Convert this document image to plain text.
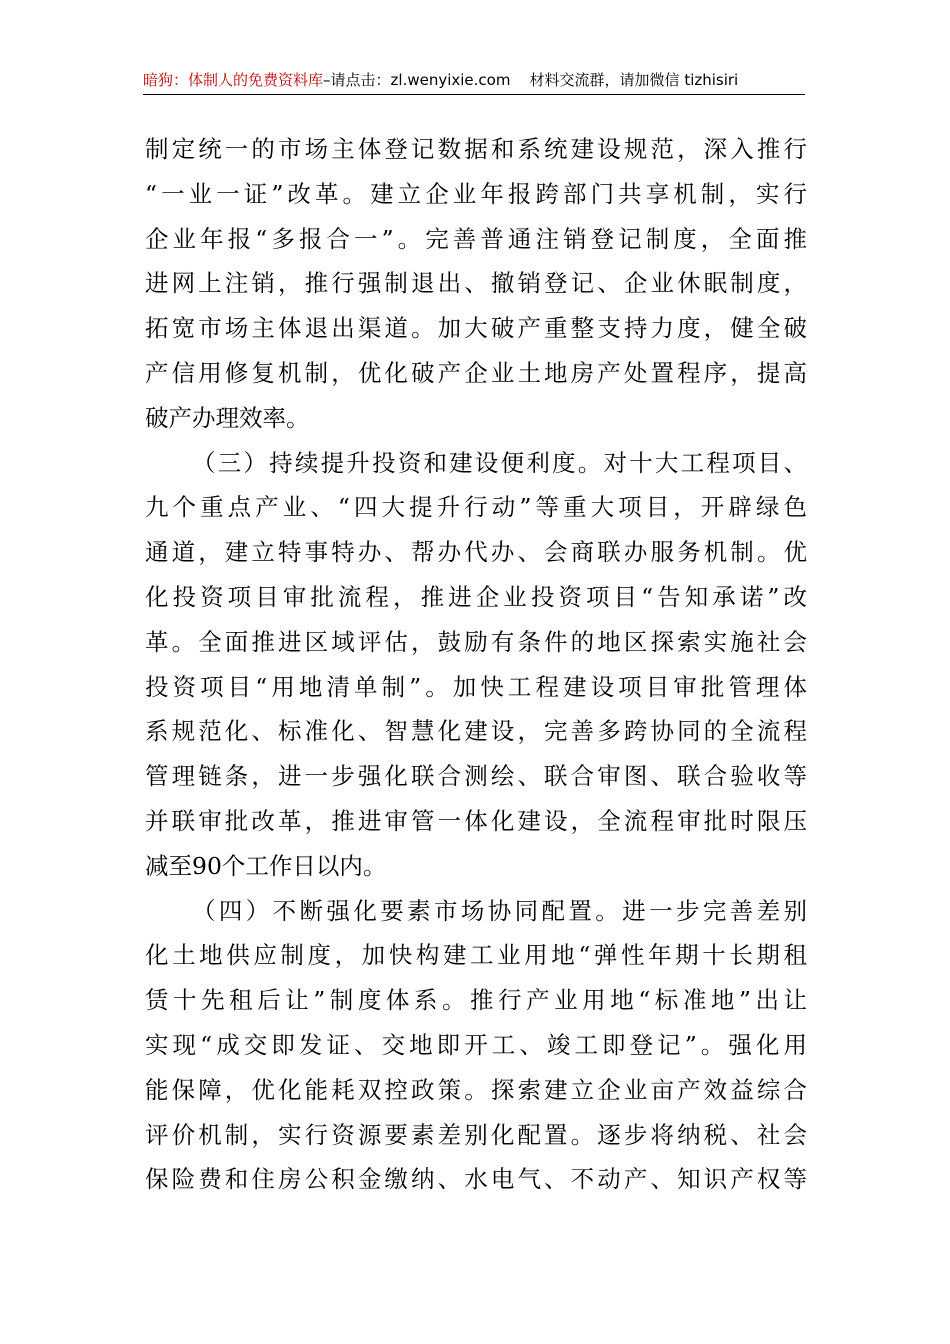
暗狗：体制人的免费资料库–请点击：zl.wenyixie.com 材料交流群，请加微信 tizhisiri
制定统一的市场主体登记数据和系统建设规范，深入推行
“一业一证”改革。建立企业年报跨部门共享机制，实行
企业年报“多报合一”。完善普通注销登记制度，全面推
进网上注销，推行强制退出、撤销登记、企业休眠制度，
拓宽市场主体退出渠道。加大破产重整支持力度，健全破
产信用修复机制，优化破产企业土地房产处置程序，提高
破产办理效率。
（三）持续提升投资和建设便利度。对十大工程项目、
九个重点产业、“四大提升行动”等重大项目，开辟绿色
通道，建立特事特办、帮办代办、会商联办服务机制。优
化投资项目审批流程，推进企业投资项目“告知承诺”改
革。全面推进区域评估，鼓励有条件的地区探索实施社会
投资项目“用地清单制”。加快工程建设项目审批管理体
系规范化、标准化、智慧化建设，完善多跨协同的全流程
管理链条，进一步强化联合测绘、联合审图、联合验收等
并联审批改革，推进审管一体化建设，全流程审批时限压
减至90个工作日以内。
（四）不断强化要素市场协同配置。进一步完善差别
化土地供应制度，加快构建工业用地“弹性年期十长期租
赁十先租后让”制度体系。推行产业用地“标准地”出让
实现“成交即发证、交地即开工、竣工即登记”。强化用
能保障，优化能耗双控政策。探索建立企业亩产效益综合
评价机制，实行资源要素差别化配置。逐步将纳税、社会
保险费和住房公积金缴纳、水电气、不动产、知识产权等
